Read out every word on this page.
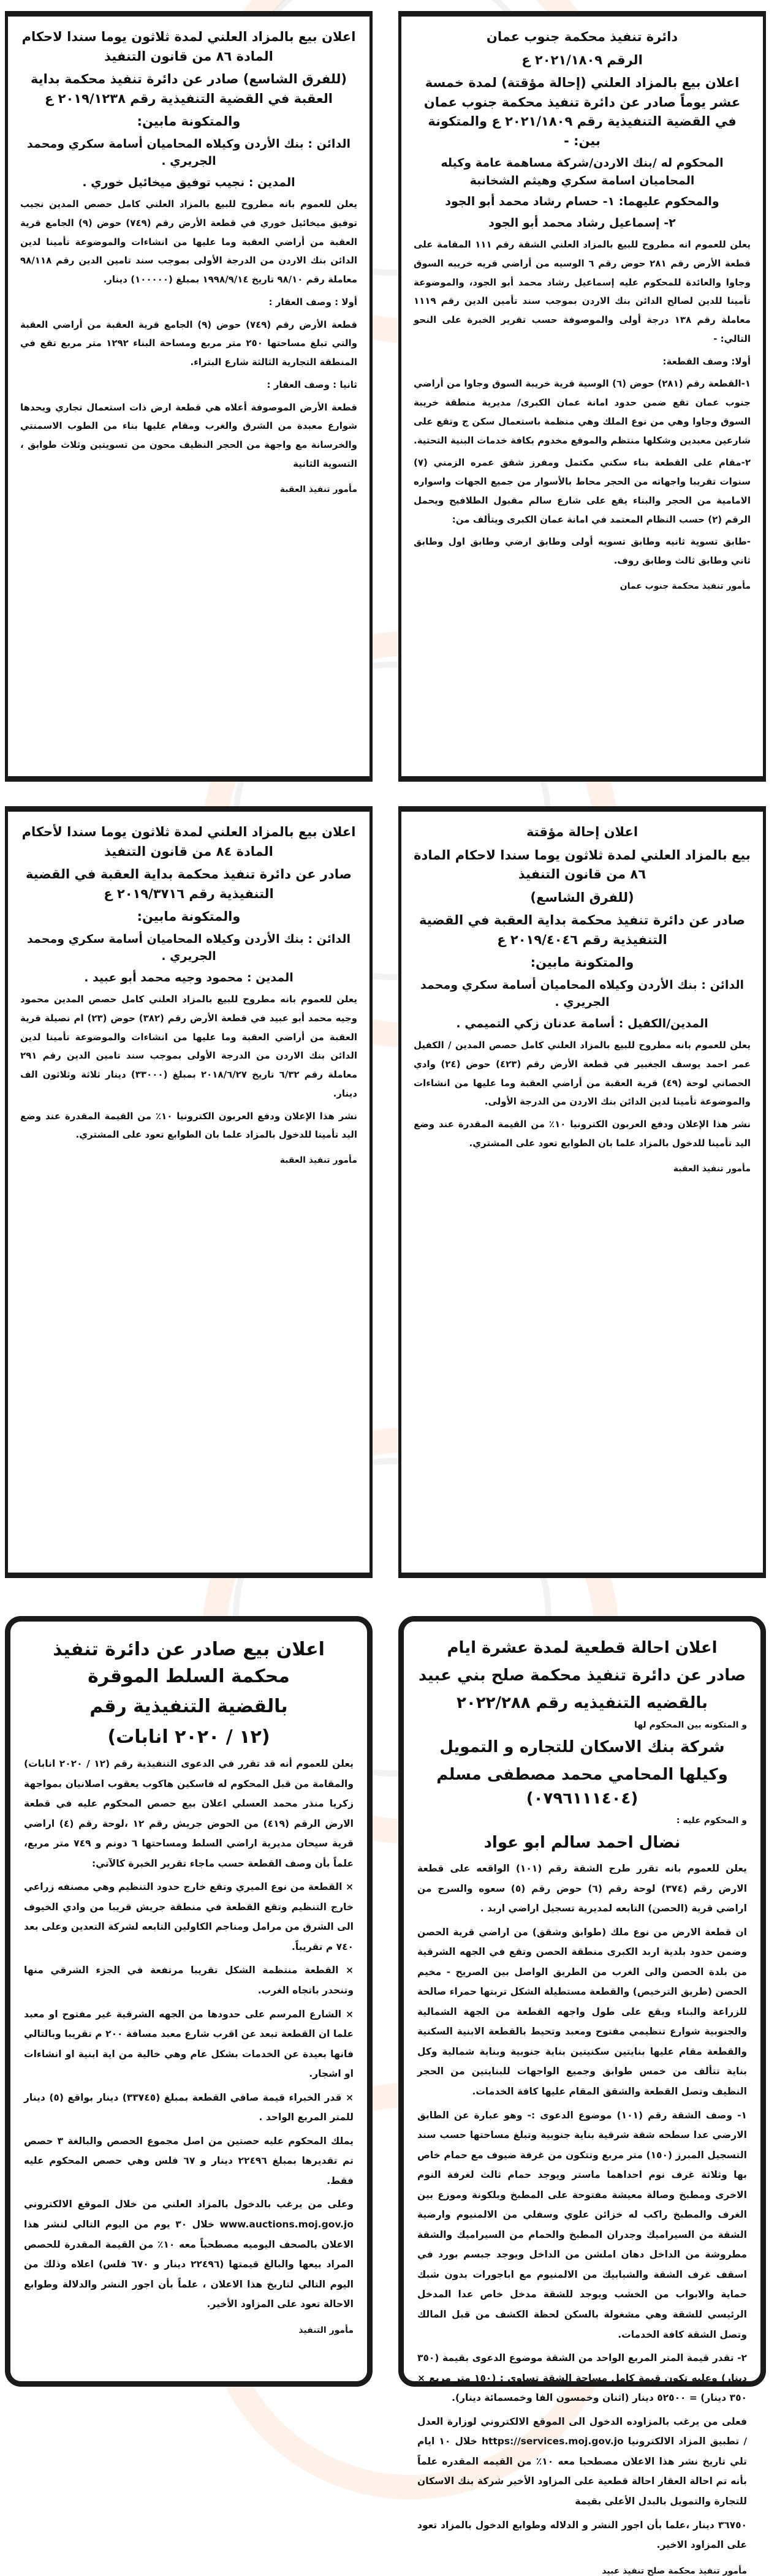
دائرة تنفيذ محكمة جنوب عمان
الرقم ٢٠٢١/١٨٠٩ ع
اعلان بيع بالمزاد العلني (إحالة مؤقتة) لمدة خمسة عشر يوماً صادر عن دائرة تنفيذ محكمة جنوب عمان في القضية التنفيذية رقم ٢٠٢١/١٨٠٩ ع والمتكونة بين: -
المحكوم له /بنك الاردن/شركة مساهمة عامة وكيله المحاميان اسامة سكري وهيثم الشخانبة
والمحكوم عليهما: ١- حسام رشاد محمد أبو الجود
٢- إسماعيل رشاد محمد أبو الجود

يعلن للعموم انه مطروح للبيع بالمزاد العلني الشقة رقم ١١١ المقامة على قطعة الأرض رقم ٢٨١ حوض رقم ٦ الوسيه من أراضي قريه خريبه السوق وجاوا والعائدة للمحكوم عليه إسماعيل رشاد محمد أبو الجود، والموضوعة تأمينا للدين لصالح الدائن بنك الاردن بموجب سند تأمين الدين رقم ١١١٩ معاملة رقم ١٣٨ درجة أولى والموصوفة حسب تقرير الخبرة على النحو التالي: -

أولا: وصف القطعة:

١-القطعة رقم (٢٨١) حوض (٦) الوسية قرية خريبة السوق وجاوا من أراضي جنوب عمان تقع ضمن حدود امانة عمان الكبرى/ مديرية منطقة خريبة السوق وجاوا وهي من نوع الملك وهي منظمة باستعمال سكن ج وتقع على شارعين معبدين وشكلها منتظم والموقع مخدوم بكافة خدمات البنية التحتية.

٢-مقام على القطعة بناء سكني مكتمل ومفرز شقق عمره الزمني (٧) سنوات تقريبا واجهاته من الحجر محاط بالأسوار من جميع الجهات واسواره الامامية من الحجر والبناء يقع على شارع سالم مقبول الطلافيح ويحمل الرقم (٢) حسب النظام المعتمد في امانة عمان الكبرى ويتألف من:

-طابق تسوية ثانيه وطابق تسويه أولى وطابق ارضي وطابق اول وطابق ثاني وطابق ثالث وطابق روف.

مأمور تنفيذ محكمة جنوب عمان
اعلان بيع بالمزاد العلني لمدة ثلاثون يوما سندا لاحكام المادة ٨٦ من قانون التنفيذ
(للفرق الشاسع) صادر عن دائرة تنفيذ محكمة بداية العقبة في القضية التنفيذية رقم ٢٠١٩/١٢٣٨ ع
والمتكونة مابين:
الدائن : بنك الأردن وكيلاه المحاميان أسامة سكري ومحمد الجريري .
المدين : نجيب توفيق ميخائيل خوري .

يعلن للعموم بانه مطروح للبيع بالمزاد العلني كامل حصص المدين نجيب توفيق ميخائيل خوري في قطعة الأرض رقم (٧٤٩) حوض (٩) الجامع قرية العقبة من أراضي العقبة وما عليها من انشاءات والموضوعة تأمينا لدين الدائن بنك الاردن من الدرجة الأولى بموجب سند تامين الدين رقم ٩٨/١١٨ معاملة رقم ٩٨/١٠ تاريخ ١٩٩٨/٩/١٤ بمبلغ (١٠٠٠٠٠) دينار.

أولا : وصف العقار :

قطعة الأرض رقم (٧٤٩) حوض (٩) الجامع قرية العقبة من أراضي العقبة والتي تبلغ مساحتها ٢٥٠ متر مربع ومساحة البناء ١٢٩٢ متر مربع تقع في المنطقة التجارية الثالثة شارع البتراء.

ثانيا : وصف العقار :

قطعة الأرض الموصوفة أعلاه هي قطعة ارض ذات استعمال تجاري ويحدها شوارع معبدة من الشرق والغرب ومقام عليها بناء من الطوب الاسمنتي والخرسانة مع واجهة من الحجر النظيف محون من تسويتين وثلاث طوابق ، التسوية الثانية

مأمور تنفيذ العقبة
اعلان إحالة مؤقتة
بيع بالمزاد العلني لمدة ثلاثون يوما سندا لاحكام المادة ٨٦ من قانون التنفيذ
(للفرق الشاسع)
صادر عن دائرة تنفيذ محكمة بداية العقبة في القضية التنفيذية رقم ٢٠١٩/٤٠٤٦ ع
والمتكونة مابين:
الدائن : بنك الأردن وكيلاه المحاميان أسامة سكري ومحمد الجريري .
المدين/الكفيل : أسامة عدنان زكي التميمي .

يعلن للعموم بانه مطروح للبيع بالمزاد العلني كامل حصص المدين / الكفيل عمر احمد يوسف الجغبير في قطعة الأرض رقم (٤٢٣) حوض (٢٤) وادي الحصاني لوحة (٤٩) قرية العقبة من أراضي العقبة وما عليها من انشاءات والموضوعة تأمينا لدين الدائن بنك الاردن من الدرجة الأولى.

نشر هذا الإعلان ودفع العربون الكترونيا ١٠٪ من القيمة المقدرة عند وضع اليد تأمينا للدخول بالمزاد علما بان الطوابع تعود على المشتري.

مأمور تنفيذ العقبة
اعلان بيع بالمزاد العلني لمدة ثلاثون يوما سندا لأحكام المادة ٨٤ من قانون التنفيذ
صادر عن دائرة تنفيذ محكمة بداية العقبة في القضية التنفيذية رقم ٢٠١٩/٣٧١٦ ع
والمتكونة مابين:
الدائن : بنك الأردن وكيلاه المحاميان أسامة سكري ومحمد الجريري .
المدين : محمود وجيه محمد أبو عبيد .

يعلن للعموم بانه مطروح للبيع بالمزاد العلني كامل حصص المدين محمود وجيه محمد أبو عبيد في قطعة الأرض رقم (٣٨٢) حوض (٢٣) ام نصيلة قرية العقبة من أراضي العقبة وما عليها من انشاءات والموضوعة تأمينا لدين الدائن بنك الاردن من الدرجة الأولى بموجب سند تامين الدين رقم ٢٩١ معاملة رقم ٦/٣٢ تاريخ ٢٠١٨/٦/٢٧ بمبلغ (٣٣٠٠٠) دينار ثلاثة وثلاثون الف دينار.

نشر هذا الإعلان ودفع العربون الكترونيا ١٠٪ من القيمة المقدرة عند وضع اليد تأمينا للدخول بالمزاد علما بان الطوابع تعود على المشتري.

مأمور تنفيذ العقبة
اعلان احالة قطعية لمدة عشرة ايام
صادر عن دائرة تنفيذ محكمة صلح بني عبيد
بالقضيه التنفيذيه رقم ٢٠٢٢/٢٨٨
و المتكونه بين المحكوم لها
شركة بنك الاسكان للتجاره و التمويل
وكيلها المحامي محمد مصطفى مسلم (٠٧٩٦١١١٤٠٤)
و المحكوم عليه :
نضال احمد سالم ابو عواد

يعلن للعموم بانه تقرر طرح الشقة رقم (١٠١) الواقعه على قطعة الارض رقم (٣٧٤) لوحة رقم (٦) حوض رقم (٥) سعوه والسرج من اراضي قرية (الحصن) التابعه لمديرية تسجيل اراضي اربد .

ان قطعة الارض من نوع ملك (طوابق وشقق) من اراضي قرية الحصن وضمن حدود بلدية اربد الكبرى منطقة الحصن وتقع في الجهه الشرقية من بلدة الحصن والى الغرب من الطريق الواصل بين الصريح - مخيم الحصن (طريق الترخيص) والقطعة مستطيلة الشكل تربتها حمراء صالحة للزراعة والبناء ويقع على طول واجهه القطعة من الجهة الشمالية والجنوبية شوارع تنظيمي مفتوح ومعبد وتحيط بالقطعة الابنية السكنية والقطعة مقام عليها بنايتين سكنيتين بناية جنوبية وبناية شمالية وكل بناية تتألف من خمس طوابق وجميع الواجهات للبنايتين من الحجر النظيف وتصل القطعة والشقق المقام عليها كافة الخدمات.

١- وصف الشقة رقم (١٠١) موضوع الدعوى :- وهو عبارة عن الطابق الارضي عدا سطحه شقة شرقية بناية جنوبية وتبلغ مساحتها حسب سند التسجيل المبرز (١٥٠) متر مربع وتتكون من غرفة ضيوف مع حمام خاص بها وثلاثة غرف نوم احداهما ماستر ويوجد حمام ثالث لغرفة النوم الاخرى ومطبخ وصالة معيشة مفتوحة على المطبخ وبلكونة وموزع بين الغرف والمطبخ راكب له خزائن علوي وسفلي من الالمنيوم وارضية الشقة من السيراميك وجدران المطبخ والحمام من السيراميك والشقة مطروشة من الداخل دهان املشن من الداخل ويوجد جبسم بورد في اسقف غرف الشقة والشبابيك من الالمنيوم مع اباجورات بدون شبك حماية والابواب من الخشب ويوجد للشقة مدخل خاص عدا المدخل الرئيسي للشقة وهي مشغولة بالسكن لحظة الكشف من قبل المالك وتصل الشقة كافة الخدمات.

٢- تقدر قيمة المتر المربع الواحد من الشقة موضوع الدعوى بقيمة (٣٥٠ دينار) وعليه تكون قيمة كامل مساحة الشقة تساوي : (١٥٠ متر مربع × ٣٥٠ دينار) = ٥٢٥٠٠ دينار (اثنان وخمسون الفا وخمسمائة دينار).

فعلى من يرغب بالمزاوده الدخول الى الموقع الالكتروني لوزارة العدل / تطبيق المزاد الالكترونيا https://services.moj.gov.jo خلال ١٠ ايام تلي تاريخ نشر هذا الاعلان مصطحبا معه ١٠٪ من القيمه المقدره علماً بأنه تم احالة العقار احالة قطعية على المزاود الأخير شركة بنك الاسكان للتجارة والتمويل بالبدل الأعلى بقيمة

٣٦٧٥٠ دينار ،علما بأن اجور النشر و الدلاله وطوابع الدخول بالمزاد تعود على المزاود الاخير.

مأمور تنفيذ محكمة صلح تنفيذ عبيد
اعلان بيع صادر عن دائرة تنفيذ محكمة السلط الموقرة
بالقضية التنفيذية رقم
(١٢ / ٢٠٢٠ انابات)

يعلن للعموم أنه قد تقرر في الدعوى التنفيذية رقم (١٢ / ٢٠٢٠ انابات) والمقامة من قبل المحكوم له فاسكين هاكوب يعقوب اصلانيان بمواجهة زكريا منذر محمد العسلي اعلان بيع حصص المحكوم عليه في قطعة الارض الرقم (٤١٩) من الحوض جريش رقم ١٢ ،لوحة رقم (٤) اراضي قرية سيحان مديرية اراضي السلط ومساحتها ٦ دونم و ٧٤٩ متر مربع، علماً بأن وصف القطعة حسب ماجاء تقرير الخبرة كالآتي:

× القطعة من نوع الميري وتقع خارج حدود التنظيم وهي مصنفه زراعي خارج التنظيم وتقع القطعة في منطقة جريش قريبا من وادي الخيوف الى الشرق من مرامل ومناجم الكاولين التابعه لشركة التعدين وعلى بعد ٧٤٠ م تقريباً.

× القطعة منتظمة الشكل تقريبا مرتفعة في الجزء الشرقي منها وتنحدر باتجاه الغرب.

× الشارع المرسم على حدودها من الجهه الشرقية غير مفتوح او معبد علما ان القطعة تبعد عن اقرب شارع معبد مسافة ٢٠٠ م تقريبا وبالتالي فانها بعيدة عن الخدمات بشكل عام وهي خالية من اية ابنية او انشاءات او اشجار.

× قدر الخبراء قيمة صافي القطعة بمبلغ (٣٣٧٤٥) دينار بواقع (٥) دينار للمتر المربع الواحد .

يملك المحكوم عليه حصتين من اصل مجموع الحصص والبالغة ٣ حصص تم تقديرها بمبلغ ٢٢٤٩٦ دينار و ٦٧ فلس وهي حصص المحكوم عليه فقط.

وعلى من يرغب بالدخول بالمزاد العلني من خلال الموقع الالكتروني www.auctions.moj.gov.jo خلال ٣٠ يوم من اليوم التالي لنشر هذا الاعلان بالصحف اليوميه مصطحباً معه ١٠٪ من القيمة المقدرة للحصص المراد بيعها والبالغ قيمتها (٢٢٤٩٦ دينار و ٦٧٠ فلس) اعلاه وذلك من اليوم التالي لتاريخ هذا الاعلان ، علماً بأن اجور النشر والدلالة وطوابع الاحالة تعود على المزاود الأخير.

مأمور التنفيذ
